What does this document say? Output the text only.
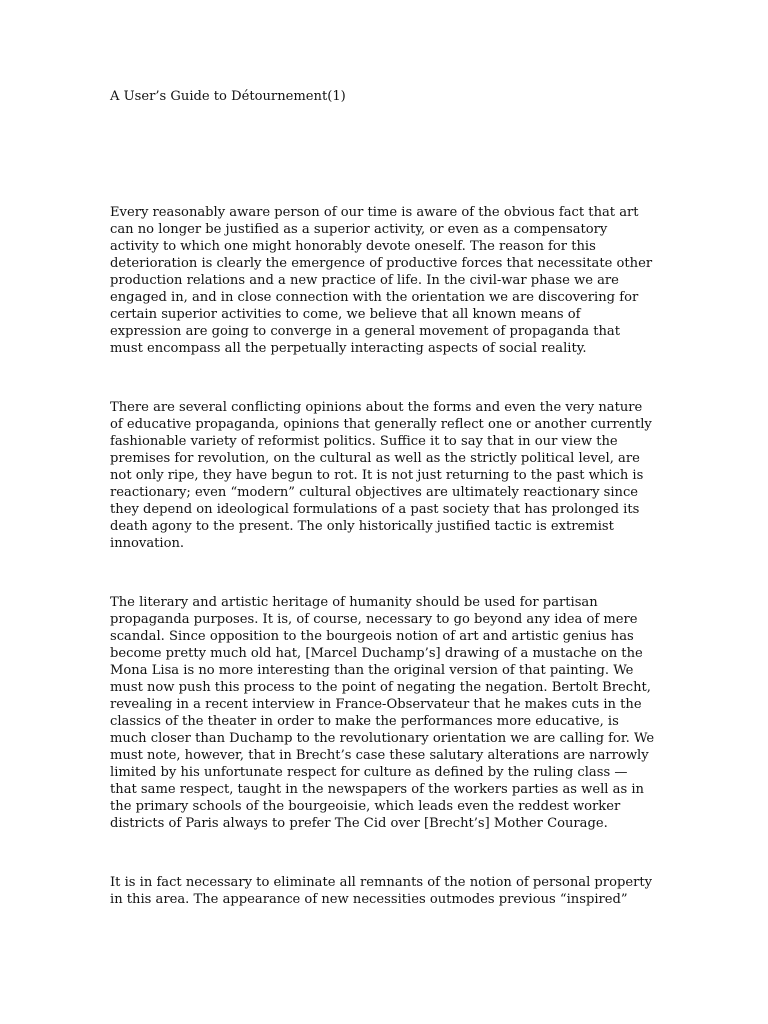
A User’s Guide to Détournement(1)

Every reasonably aware person of our time is aware of the obvious fact that art can no longer be justified as a superior activity, or even as a compensatory activity to which one might honorably devote oneself. The reason for this deterioration is clearly the emergence of productive forces that necessitate other production relations and a new practice of life. In the civil-war phase we are engaged in, and in close connection with the orientation we are discovering for certain superior activities to come, we believe that all known means of expression are going to converge in a general movement of propaganda that must encompass all the perpetually interacting aspects of social reality.

There are several conflicting opinions about the forms and even the very nature of educative propaganda, opinions that generally reflect one or another currently fashionable variety of reformist politics. Suffice it to say that in our view the premises for revolution, on the cultural as well as the strictly political level, are not only ripe, they have begun to rot. It is not just returning to the past which is reactionary; even “modern” cultural objectives are ultimately reactionary since they depend on ideological formulations of a past society that has prolonged its death agony to the present. The only historically justified tactic is extremist innovation.

The literary and artistic heritage of humanity should be used for partisan propaganda purposes. It is, of course, necessary to go beyond any idea of mere scandal. Since opposition to the bourgeois notion of art and artistic genius has become pretty much old hat, [Marcel Duchamp’s] drawing of a mustache on the Mona Lisa is no more interesting than the original version of that painting. We must now push this process to the point of negating the negation. Bertolt Brecht, revealing in a recent interview in France-Observateur that he makes cuts in the classics of the theater in order to make the performances more educative, is much closer than Duchamp to the revolutionary orientation we are calling for. We must note, however, that in Brecht’s case these salutary alterations are narrowly limited by his unfortunate respect for culture as defined by the ruling class — that same respect, taught in the newspapers of the workers parties as well as in the primary schools of the bourgeoisie, which leads even the reddest worker districts of Paris always to prefer The Cid over [Brecht’s] Mother Courage.

It is in fact necessary to eliminate all remnants of the notion of personal property in this area. The appearance of new necessities outmodes previous “inspired”
